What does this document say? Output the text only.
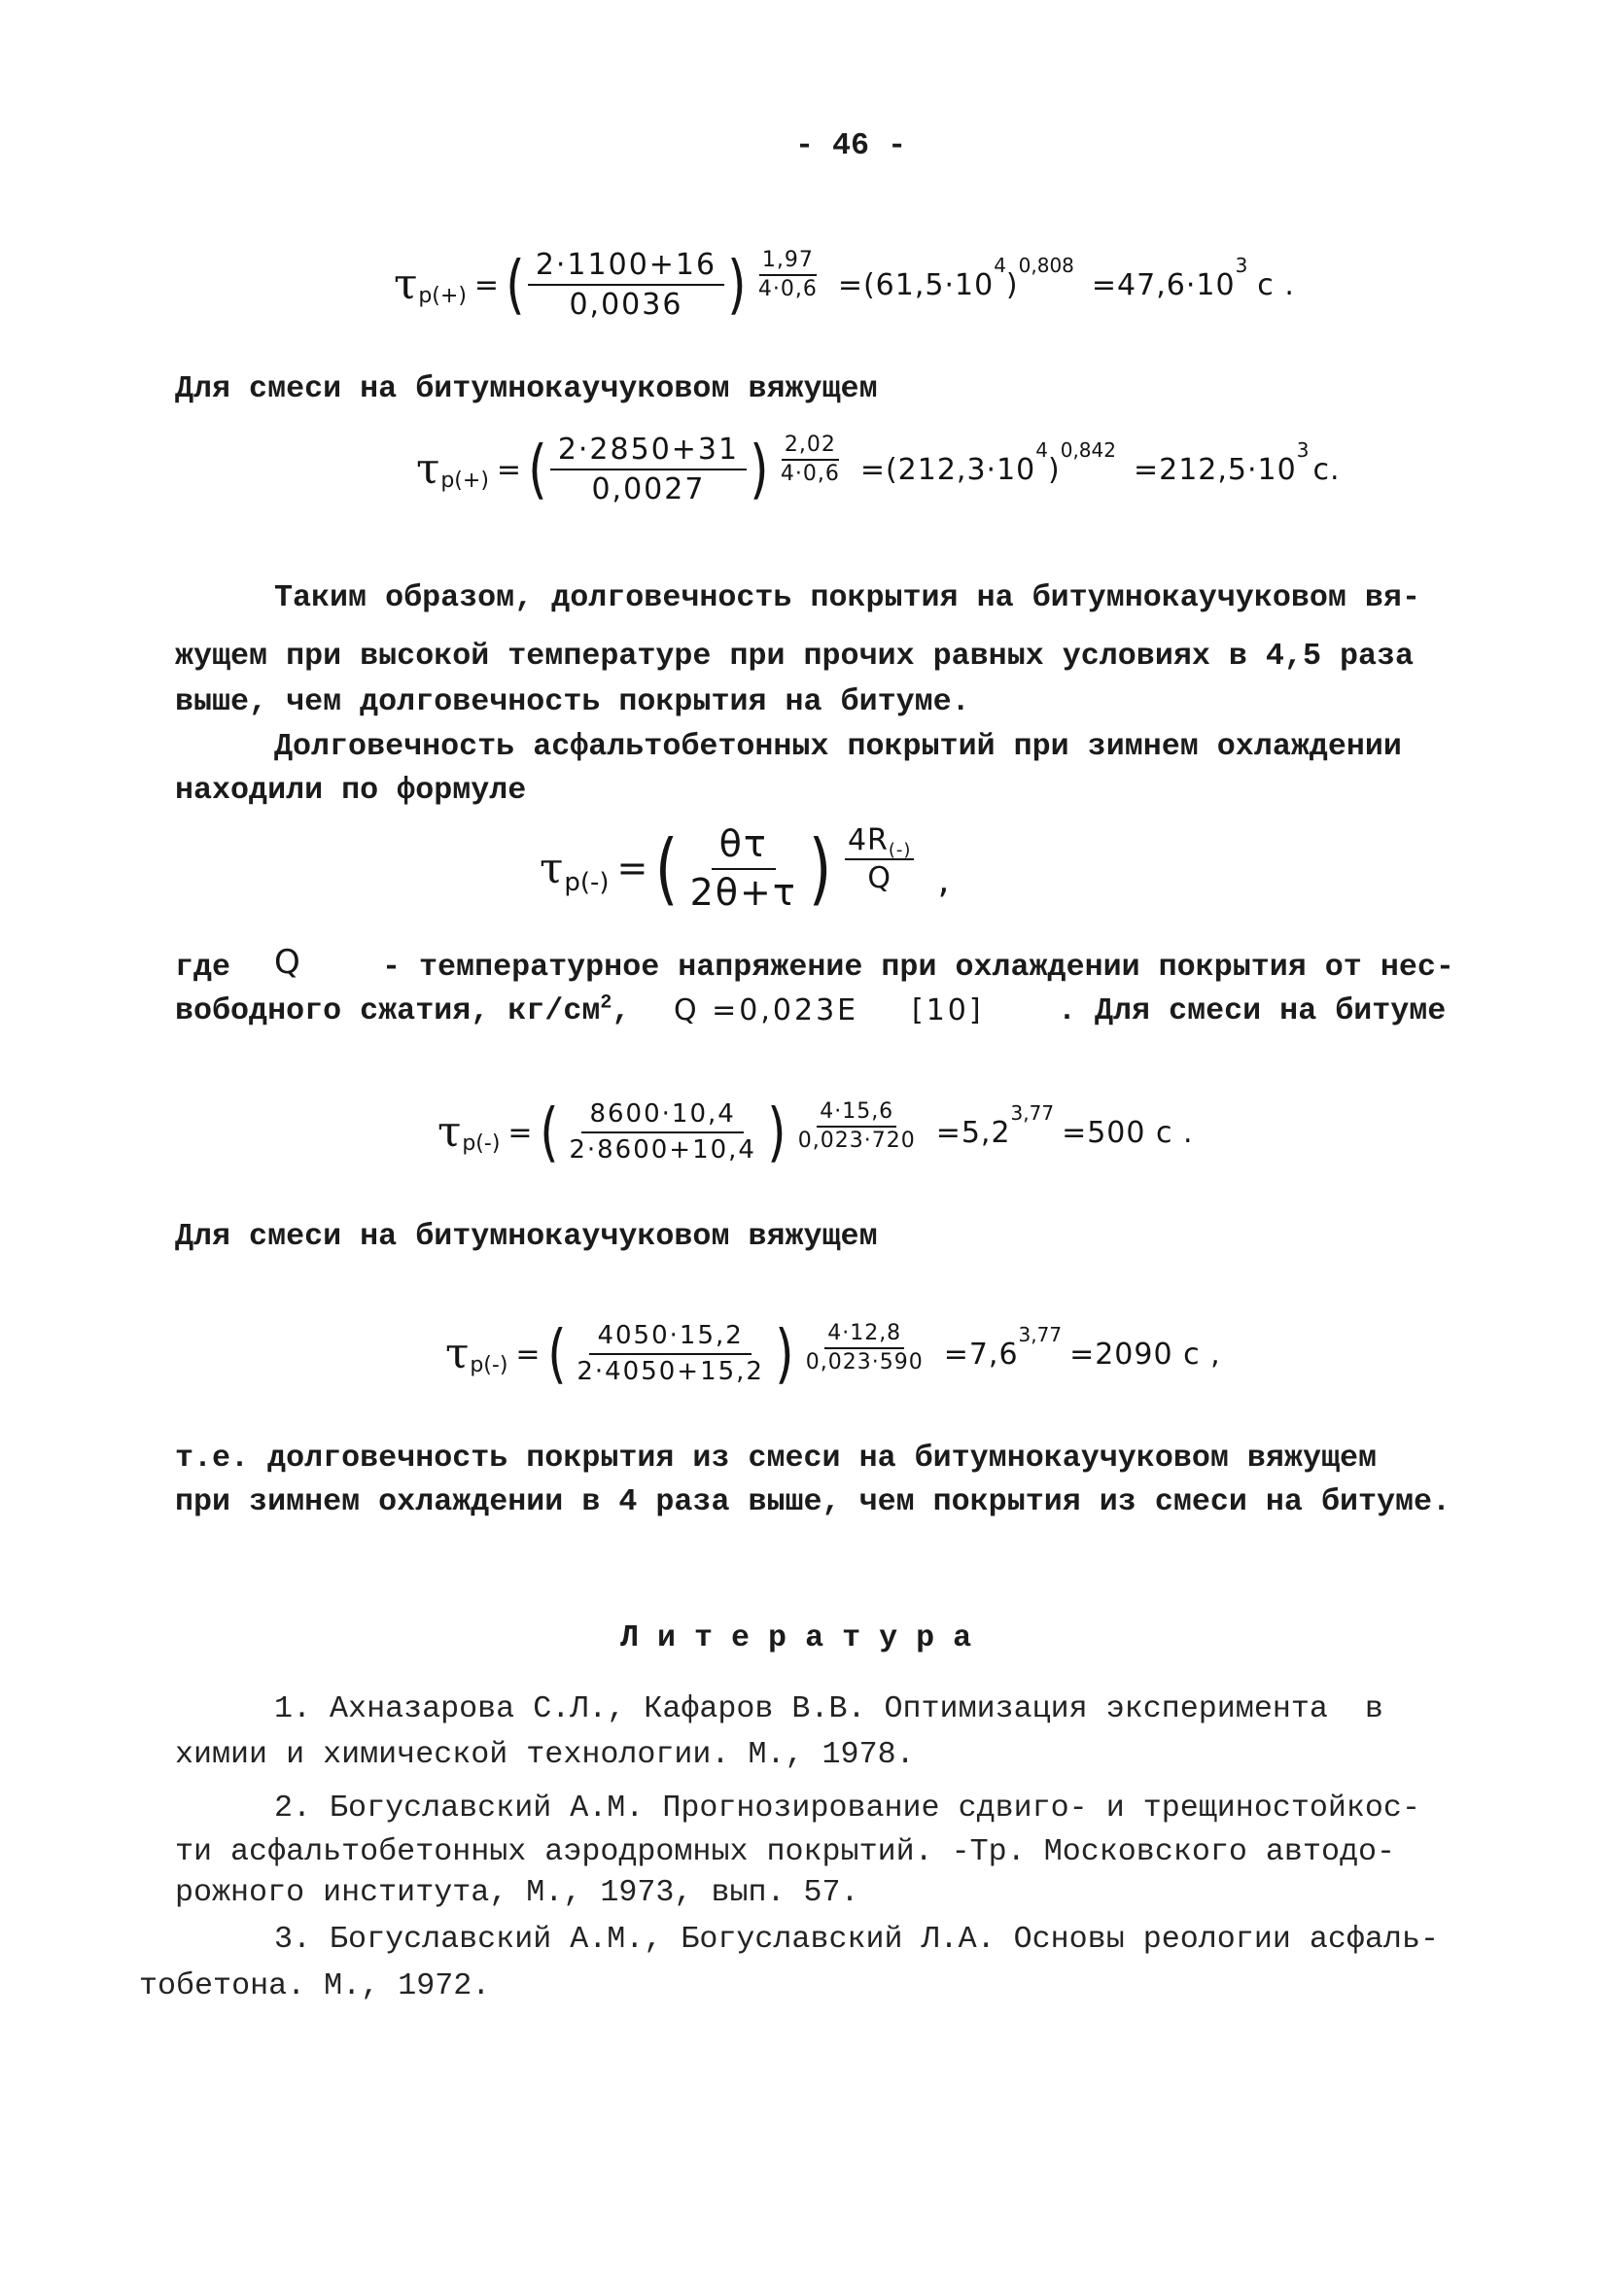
- 46 -
τ р(+) = ( $\frac{2\cdot 1100+16}{0,0036}$ ) $\frac{1,97}{4\cdot 0,6} =(61,5\cdot 10$
4
)
0,808
=47,6·10
3
с .
Для смеси на битумнокаучуковом вяжущем
τ р(+) = ( $\frac{2\cdot 2850+31}{0,0027}$ ) $\frac{2,02}{4\cdot 0,6} =(212,3\cdot 10$
4
)
0,842
=212,5·10
3
с.
Таким образом, долговечность покрытия на битумнокаучуковом вя-
жущем при высокой температуре при прочих равных условиях в 4,5 раза
выше, чем долговечность покрытия на битуме.
Долговечность асфальтобетонных покрытий при зимнем охлаждении
находили по формуле
τ р(-) = ( $\frac{\theta\tau}{2\theta+\tau}$ ) $\frac{4R_{(-)}}{Q}$ ,
где Q	- температурное напряжение при охлаждении покрытия от нес-
вободного сжатия, $кг/см^2$, Q =0,023E [10] . Для смеси на битуме
τ р(-) = ( $\frac{8600\cdot 10,4}{2\cdot 8600+10,4}$ ) $\frac{4\cdot 15,6}{0,023\cdot 720} =5,2$
3,77
=500 с .
Для смеси на битумнокаучуковом вяжущем
τ р(-) = ( $\frac{4050\cdot 15,2}{2\cdot 4050+15,2}$ ) $\frac{4\cdot 12,8}{0,023\cdot 590} =7,6$
3,77
=2090 с ,
т.е. долговечность покрытия из смеси на битумнокаучуковом вяжущем
при зимнем охлаждении в 4 раза выше, чем покрытия из смеси на битуме.
Литература
1. Ахназарова С.Л., Кафаров В.В. Оптимизация эксперимента  в
химии и химической технологии. М., 1978.
2. Богуславский А.М. Прогнозирование сдвиго- и трещиностойкос-
ти асфальтобетонных аэродромных покрытий. -Тр. Московского автодо-
рожного института, М., 1973, вып. 57.
3. Богуславский А.М., Богуславский Л.А. Основы реологии асфаль-
тобетона. М., 1972.
